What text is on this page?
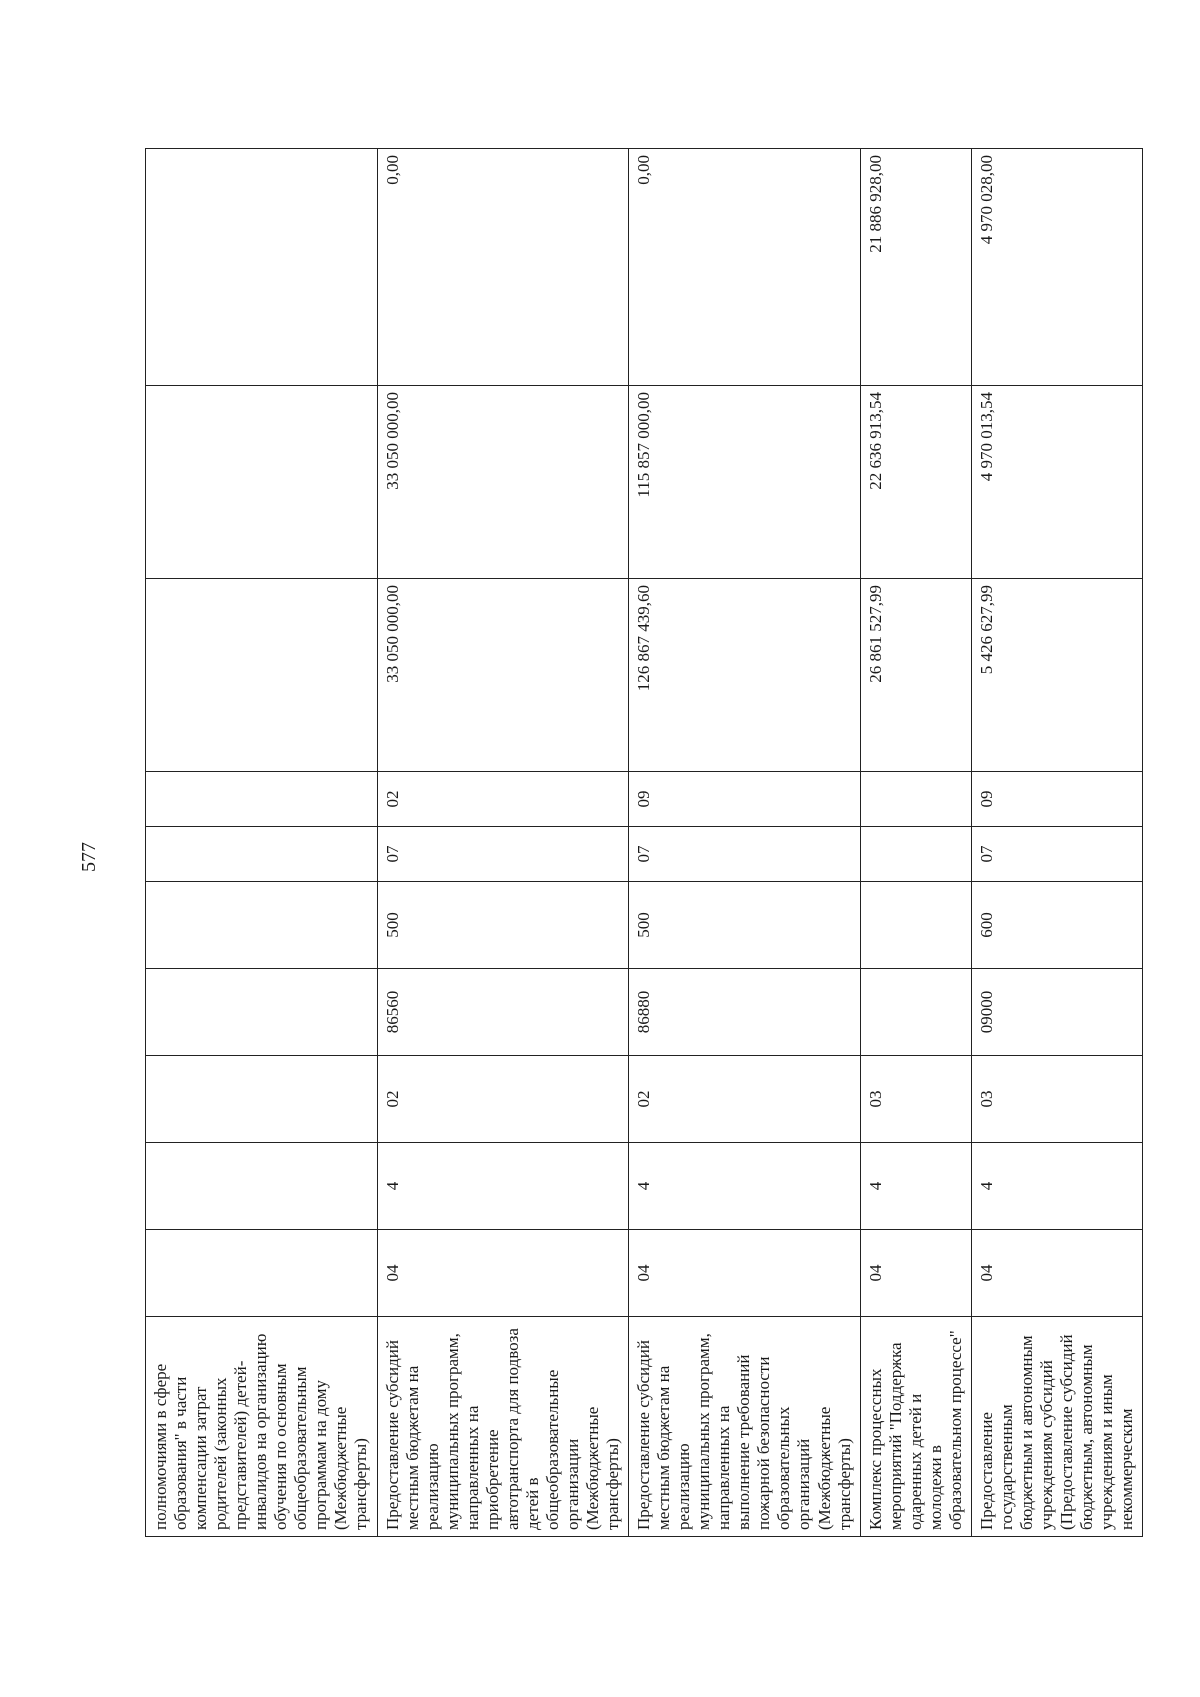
577
полномочиями в сфере образования" в части компенсации затрат родителей (законных представителей) детей-инвалидов на организацию обучения по основным общеобразовательным программам на дому (Межбюджетные трансферты)										
Предоставление субсидий местным бюджетам на реализацию муниципальных программ, направленных на приобретение автотранспорта для подвоза детей в общеобразовательные организации (Межбюджетные трансферты)	04	4	02	86560	500	07	02	33 050 000,00	33 050 000,00	0,00
Предоставление субсидий местным бюджетам на реализацию муниципальных программ, направленных на выполнение требований пожарной безопасности образовательных организаций (Межбюджетные трансферты)	04	4	02	86880	500	07	09	126 867 439,60	115 857 000,00	0,00
Комплекс процессных мероприятий "Поддержка одаренных детей и молодежи в образовательном процессе"	04	4	03					26 861 527,99	22 636 913,54	21 886 928,00
Предоставление государственным бюджетным и автономным учреждениям субсидий (Предоставление субсидий бюджетным, автономным учреждениям и иным некоммерческим	04	4	03	09000	600	07	09	5 426 627,99	4 970 013,54	4 970 028,00
